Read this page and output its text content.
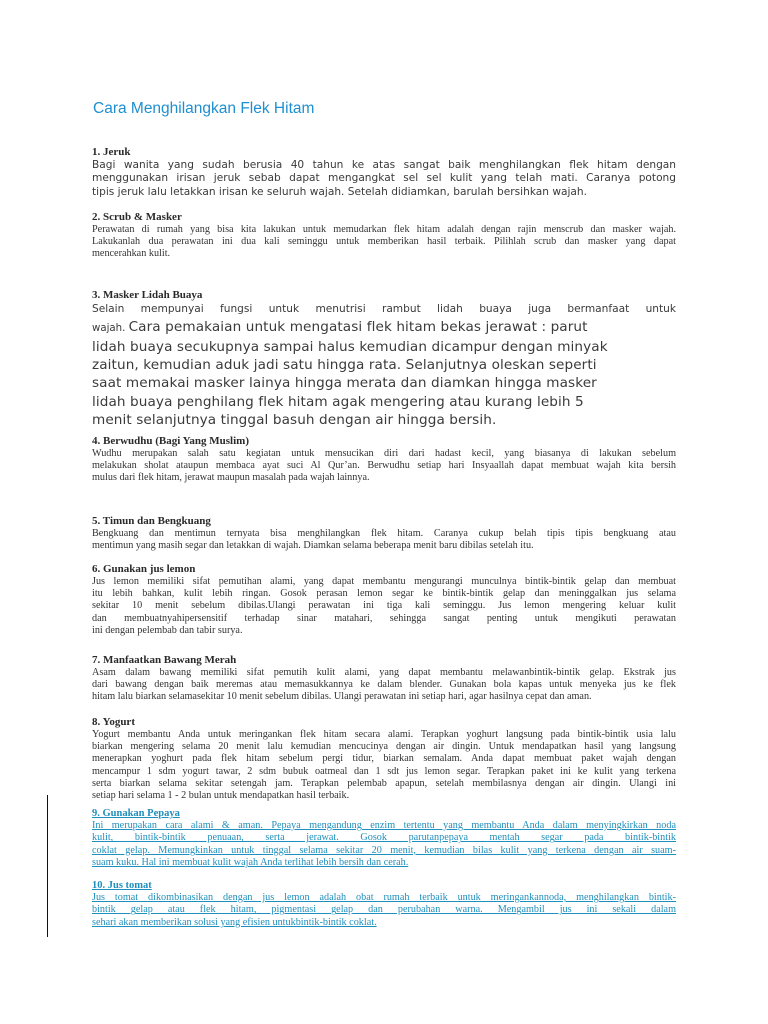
Cara Menghilangkan Flek Hitam
1. Jeruk
Bagi wanita yang sudah berusia 40 tahun ke atas sangat baik menghilangkan flek hitam dengan
menggunakan irisan jeruk sebab dapat mengangkat sel sel kulit yang telah mati. Caranya potong
tipis jeruk lalu letakkan irisan ke seluruh wajah. Setelah didiamkan, barulah bersihkan wajah.
2. Scrub & Masker
Perawatan di rumah yang bisa kita lakukan untuk memudarkan flek hitam adalah dengan rajin menscrub dan masker wajah.
Lakukanlah dua perawatan ini dua kali seminggu untuk memberikan hasil terbaik. Pilihlah scrub dan masker yang dapat
mencerahkan kulit.
3. Masker Lidah Buaya
Selain mempunyai fungsi untuk menutrisi rambut lidah buaya juga bermanfaat untuk
wajah. Cara pemakaian untuk mengatasi flek hitam bekas jerawat : parut
lidah buaya secukupnya sampai halus kemudian dicampur dengan minyak
zaitun, kemudian aduk jadi satu hingga rata. Selanjutnya oleskan seperti
saat memakai masker lainya hingga merata dan diamkan hingga masker
lidah buaya penghilang flek hitam agak mengering atau kurang lebih 5
menit selanjutnya tinggal basuh dengan air hingga bersih.
4. Berwudhu (Bagi Yang Muslim)
Wudhu merupakan salah satu kegiatan untuk mensucikan diri dari hadast kecil, yang biasanya di lakukan sebelum
melakukan sholat ataupun membaca ayat suci Al Qur’an. Berwudhu setiap hari Insyaallah dapat membuat wajah kita bersih
mulus dari flek hitam, jerawat maupun masalah pada wajah lainnya.
5. Timun dan Bengkuang
Bengkuang dan mentimun ternyata bisa menghilangkan flek hitam. Caranya cukup belah tipis tipis bengkuang atau
mentimun yang masih segar dan letakkan di wajah. Diamkan selama beberapa menit baru dibilas setelah itu.
6. Gunakan jus lemon
Jus lemon memiliki sifat pemutihan alami, yang dapat membantu mengurangi munculnya bintik-bintik gelap dan membuat
itu lebih bahkan, kulit lebih ringan. Gosok perasan lemon segar ke bintik-bintik gelap dan meninggalkan jus selama
sekitar 10 menit sebelum dibilas.Ulangi perawatan ini tiga kali seminggu. Jus lemon mengering keluar kulit
dan membuatnyahipersensitif terhadap sinar matahari, sehingga sangat penting untuk mengikuti perawatan
ini dengan pelembab dan tabir surya.
7. Manfaatkan Bawang Merah
Asam dalam bawang memiliki sifat pemutih kulit alami, yang dapat membantu melawanbintik-bintik gelap. Ekstrak jus
dari bawang dengan baik meremas atau memasukkannya ke dalam blender. Gunakan bola kapas untuk menyeka jus ke flek
hitam lalu biarkan selamasekitar 10 menit sebelum dibilas. Ulangi perawatan ini setiap hari, agar hasilnya cepat dan aman.
8. Yogurt
Yogurt membantu Anda untuk meringankan flek hitam secara alami. Terapkan yoghurt langsung pada bintik-bintik usia lalu
biarkan mengering selama 20 menit lalu kemudian mencucinya dengan air dingin. Untuk mendapatkan hasil yang langsung
menerapkan yoghurt pada flek hitam sebelum pergi tidur, biarkan semalam. Anda dapat membuat paket wajah dengan
mencampur 1 sdm yogurt tawar, 2 sdm bubuk oatmeal dan 1 sdt jus lemon segar. Terapkan paket ini ke kulit yang terkena
serta biarkan selama sekitar setengah jam. Terapkan pelembab apapun, setelah membilasnya dengan air dingin. Ulangi ini
setiap hari selama 1 - 2 bulan untuk mendapatkan hasil terbaik.
9. Gunakan Pepaya
Ini merupakan cara alami & aman. Pepaya mengandung enzim tertentu yang membantu Anda dalam menyingkirkan noda
kulit, bintik-bintik penuaan, serta jerawat. Gosok parutanpepaya mentah segar pada bintik-bintik
coklat gelap. Memungkinkan untuk tinggal selama sekitar 20 menit, kemudian bilas kulit yang terkena dengan air suam-
suam kuku. Hal ini membuat kulit wajah Anda terlihat lebih bersih dan cerah.
10. Jus tomat
Jus tomat dikombinasikan dengan jus lemon adalah obat rumah terbaik untuk meringankannoda, menghilangkan bintik-
bintik gelap atau flek hitam, pigmentasi gelap dan perubahan warna. Mengambil jus ini sekali dalam
sehari akan memberikan solusi yang efisien untukbintik-bintik coklat.
